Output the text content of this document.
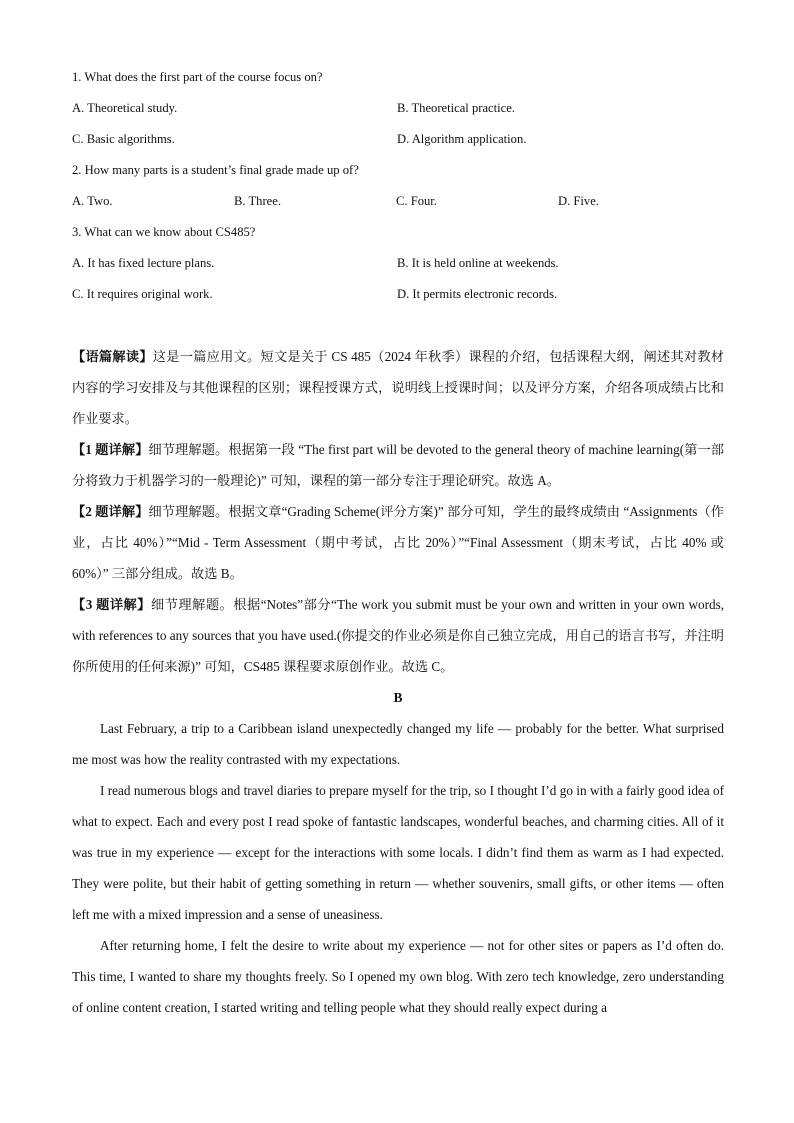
1. What does the first part of the course focus on?
A. Theoretical study.	B. Theoretical practice.
C. Basic algorithms.	D. Algorithm application.
2. How many parts is a student’s final grade made up of?
A. Two.	B. Three.	C. Four.	D. Five.
3. What can we know about CS485?
A. It has fixed lecture plans.	B. It is held online at weekends.
C. It requires original work.	D. It permits electronic records.

【语篇解读】这是一篇应用文。短文是关于 CS 485（2024 年秋季）课程的介绍，包括课程大纲，阐述其对教材内容的学习安排及与其他课程的区别；课程授课方式，说明线上授课时间；以及评分方案，介绍各项成绩占比和作业要求。

【1 题详解】细节理解题。根据第一段 “The first part will be devoted to the general theory of machine learning(第一部分将致力于机器学习的一般理论)” 可知，课程的第一部分专注于理论研究。故选 A。

【2 题详解】细节理解题。根据文章“Grading Scheme(评分方案)” 部分可知，学生的最终成绩由 “Assignments（作业，占比 40%）”“Mid - Term Assessment（期中考试，占比 20%）”“Final Assessment（期末考试，占比 40% 或 60%）” 三部分组成。故选 B。

【3 题详解】细节理解题。根据“Notes”部分“The work you submit must be your own and written in your own words, with references to any sources that you have used.(你提交的作业必须是你自己独立完成，用自己的语言书写，并注明你所使用的任何来源)” 可知，CS485 课程要求原创作业。故选 C。

B

Last February, a trip to a Caribbean island unexpectedly changed my life — probably for the better. What surprised me most was how the reality contrasted with my expectations.

I read numerous blogs and travel diaries to prepare myself for the trip, so I thought I’d go in with a fairly good idea of what to expect. Each and every post I read spoke of fantastic landscapes, wonderful beaches, and charming cities. All of it was true in my experience — except for the interactions with some locals. I didn’t find them as warm as I had expected. They were polite, but their habit of getting something in return — whether souvenirs, small gifts, or other items — often left me with a mixed impression and a sense of uneasiness.

After returning home, I felt the desire to write about my experience — not for other sites or papers as I’d often do. This time, I wanted to share my thoughts freely. So I opened my own blog. With zero tech knowledge, zero understanding of online content creation, I started writing and telling people what they should really expect during a
